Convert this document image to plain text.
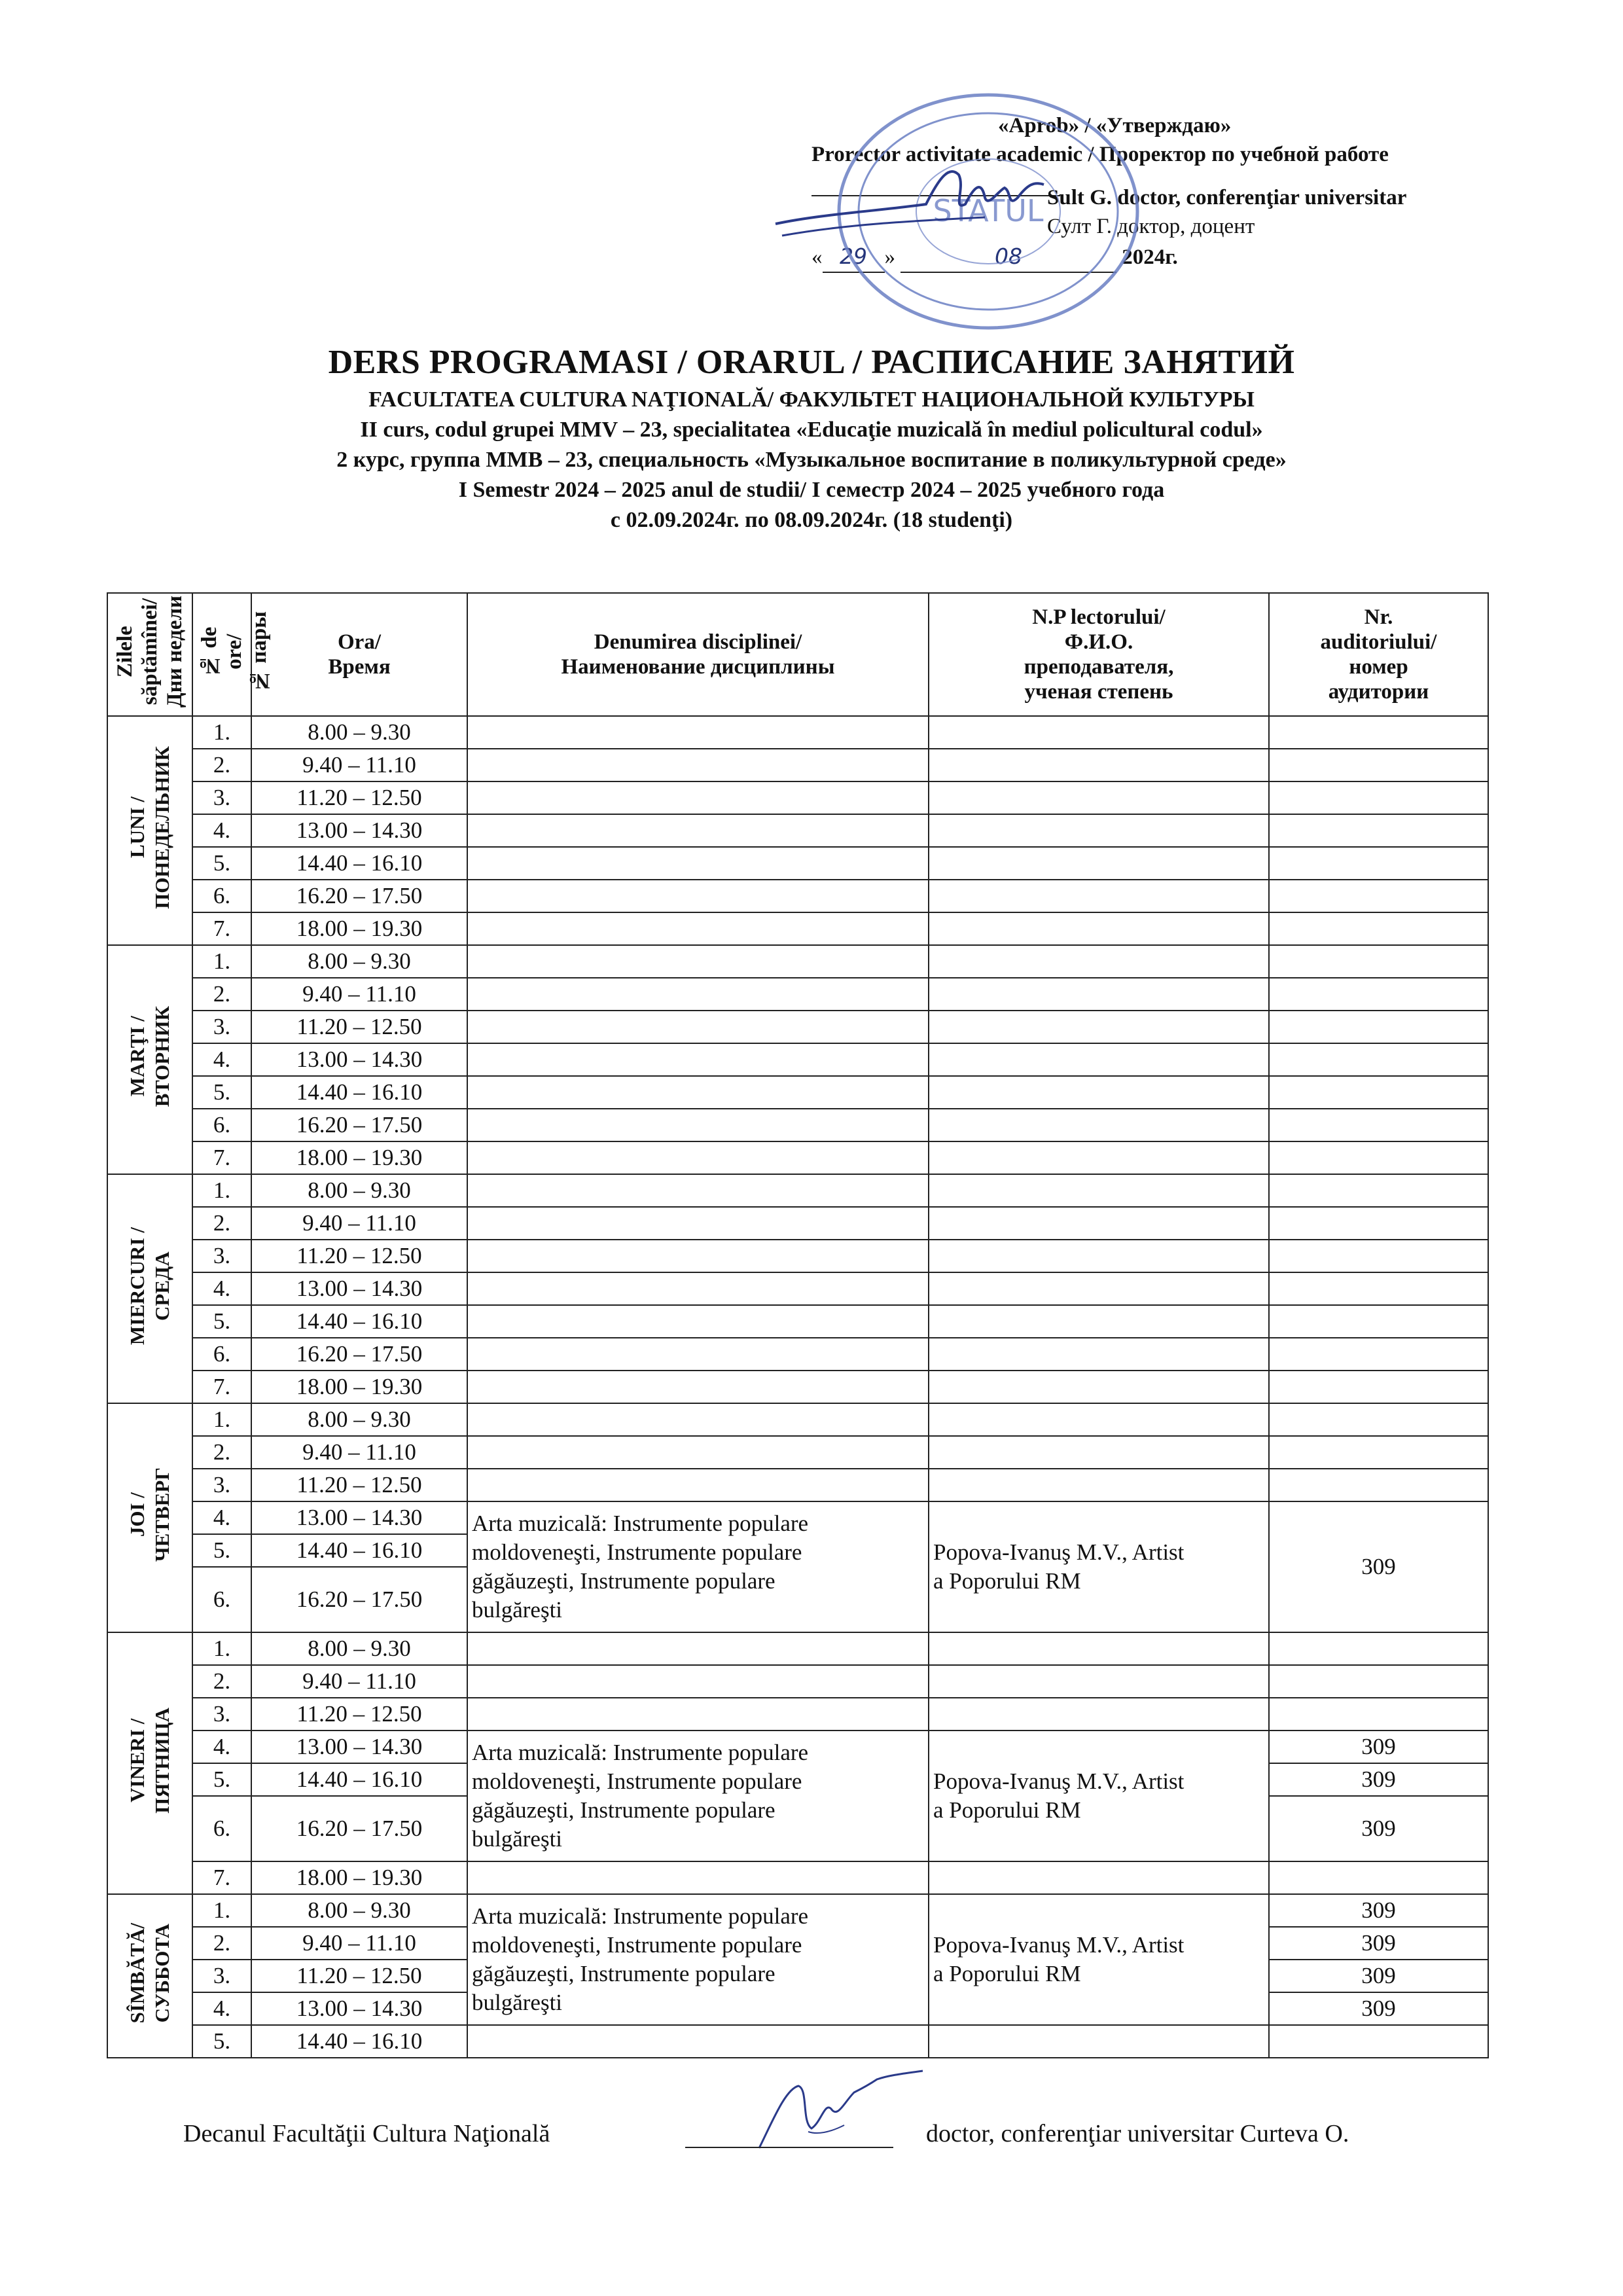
«Aprob» / «Утверждаю»
Prorector activitate academic / Проректор по учебной работе
Sult G. doctor, conferenţiar universitar
Султ Г. доктор, доцент
« 29 »	08	2024г.
STATUL
DERS PROGRAMASI / ORARUL / РАСПИСАНИЕ ЗАНЯТИЙ
FACULTATEA CULTURA NAŢIONALĂ/ ФАКУЛЬТЕТ НАЦИОНАЛЬНОЙ КУЛЬТУРЫ
II curs, codul grupei MMV – 23, specialitatea «Educaţie muzicală în mediul policultural codul»
2 курс, группа ММВ – 23, специальность «Музыкальное воспитание в поликультурной среде»
I Semestr 2024 – 2025 anul de studii/ I семестр 2024 – 2025 учебного года
с 02.09.2024г. по 08.09.2024г. (18 studenţi)
Zilele
săptămînei/
Дни недели	№ de
ore/
№ пары	Ora/
Время	Denumirea disciplinei/
Наименование дисциплины	N.P lectorului/
Ф.И.О.
преподавателя,
ученая степень	Nr.
auditoriului/
номер
аудитории
LUNI /
ПОНЕДЕЛЬНИК	1.	8.00 – 9.30			
	2.	9.40 – 11.10			
	3.	11.20 – 12.50			
	4.	13.00 – 14.30			
	5.	14.40 – 16.10			
	6.	16.20 – 17.50			
	7.	18.00 – 19.30			
MARŢI /
ВТОРНИК	1.	8.00 – 9.30			
	2.	9.40 – 11.10			
	3.	11.20 – 12.50			
	4.	13.00 – 14.30			
	5.	14.40 – 16.10			
	6.	16.20 – 17.50			
	7.	18.00 – 19.30			
MIERCURI /
СРЕДА	1.	8.00 – 9.30			
	2.	9.40 – 11.10			
	3.	11.20 – 12.50			
	4.	13.00 – 14.30			
	5.	14.40 – 16.10			
	6.	16.20 – 17.50			
	7.	18.00 – 19.30			
JOI /
ЧЕТВЕРГ	1.	8.00 – 9.30			
	2.	9.40 – 11.10			
	3.	11.20 – 12.50			
	4.	13.00 – 14.30	Arta muzicală: Instrumente populare
moldoveneşti, Instrumente populare
găgăuzeşti, Instrumente populare
bulgăreşti	Popova-Ivanuş M.V., Artist
a Poporului RM	309
	5.	14.40 – 16.10			
	6.	16.20 – 17.50			
VINERI /
ПЯТНИЦА	1.	8.00 – 9.30			
	2.	9.40 – 11.10			
	3.	11.20 – 12.50			
	4.	13.00 – 14.30	Arta muzicală: Instrumente populare
moldoveneşti, Instrumente populare
găgăuzeşti, Instrumente populare
bulgăreşti	Popova-Ivanuş M.V., Artist
a Poporului RM	309
	5.	14.40 – 16.10			309
	6.	16.20 – 17.50			309
	7.	18.00 – 19.30			
SÎMBĂTĂ/
СУББОТА	1.	8.00 – 9.30	Arta muzicală: Instrumente populare
moldoveneşti, Instrumente populare
găgăuzeşti, Instrumente populare
bulgăreşti	Popova-Ivanuş M.V., Artist
a Poporului RM	309
	2.	9.40 – 11.10			309
	3.	11.20 – 12.50			309
	4.	13.00 – 14.30			309
	5.	14.40 – 16.10			
Decanul Facultăţii Cultura Naţională	doctor, conferenţiar universitar Curteva O.
